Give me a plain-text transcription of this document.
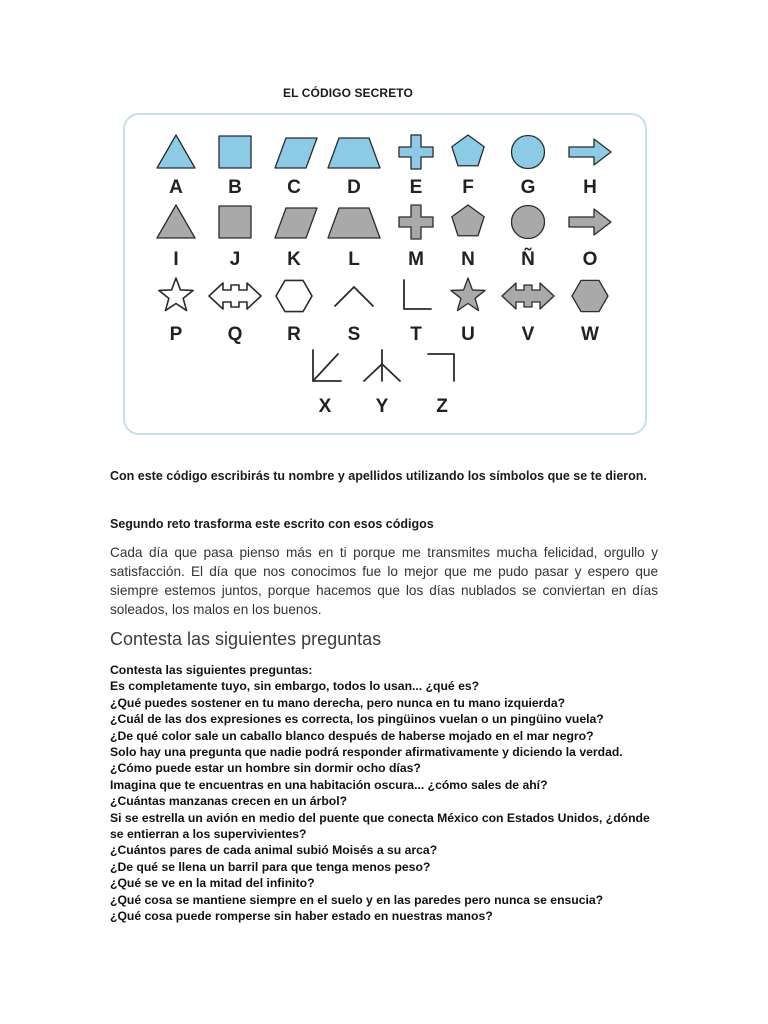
EL CÓDIGO SECRETO
A B C D	E F G	H
I	J K L	M N Ñ	O
P Q R S	T U V W
X Y	Z

Con este código escribirás tu nombre y apellidos utilizando los símbolos que se te dieron.

Segundo reto trasforma este escrito con esos códigos

Cada día que pasa pienso más en ti porque me transmites mucha felicidad, orgullo y satisfacción. El día que nos conocimos fue lo mejor que me pudo pasar y espero que siempre estemos juntos, porque hacemos que los días nublados se conviertan en días soleados, los malos en los buenos.

Contesta las siguientes preguntas
Contesta las siguientes preguntas:
Es completamente tuyo, sin embargo, todos lo usan... ¿qué es?
¿Qué puedes sostener en tu mano derecha, pero nunca en tu mano izquierda?
¿Cuál de las dos expresiones es correcta, los pingüinos vuelan o un pingüino vuela?
¿De qué color sale un caballo blanco después de haberse mojado en el mar negro?
Solo hay una pregunta que nadie podrá responder afirmativamente y diciendo la verdad.
¿Cómo puede estar un hombre sin dormir ocho días?
Imagina que te encuentras en una habitación oscura... ¿cómo sales de ahí?
¿Cuántas manzanas crecen en un árbol?
Si se estrella un avión en medio del puente que conecta México con Estados Unidos, ¿dónde se entierran a los supervivientes?
¿Cuántos pares de cada animal subió Moisés a su arca?
¿De qué se llena un barril para que tenga menos peso?
¿Qué se ve en la mitad del infinito?
¿Qué cosa se mantiene siempre en el suelo y en las paredes pero nunca se ensucia?
¿Qué cosa puede romperse sin haber estado en nuestras manos?
